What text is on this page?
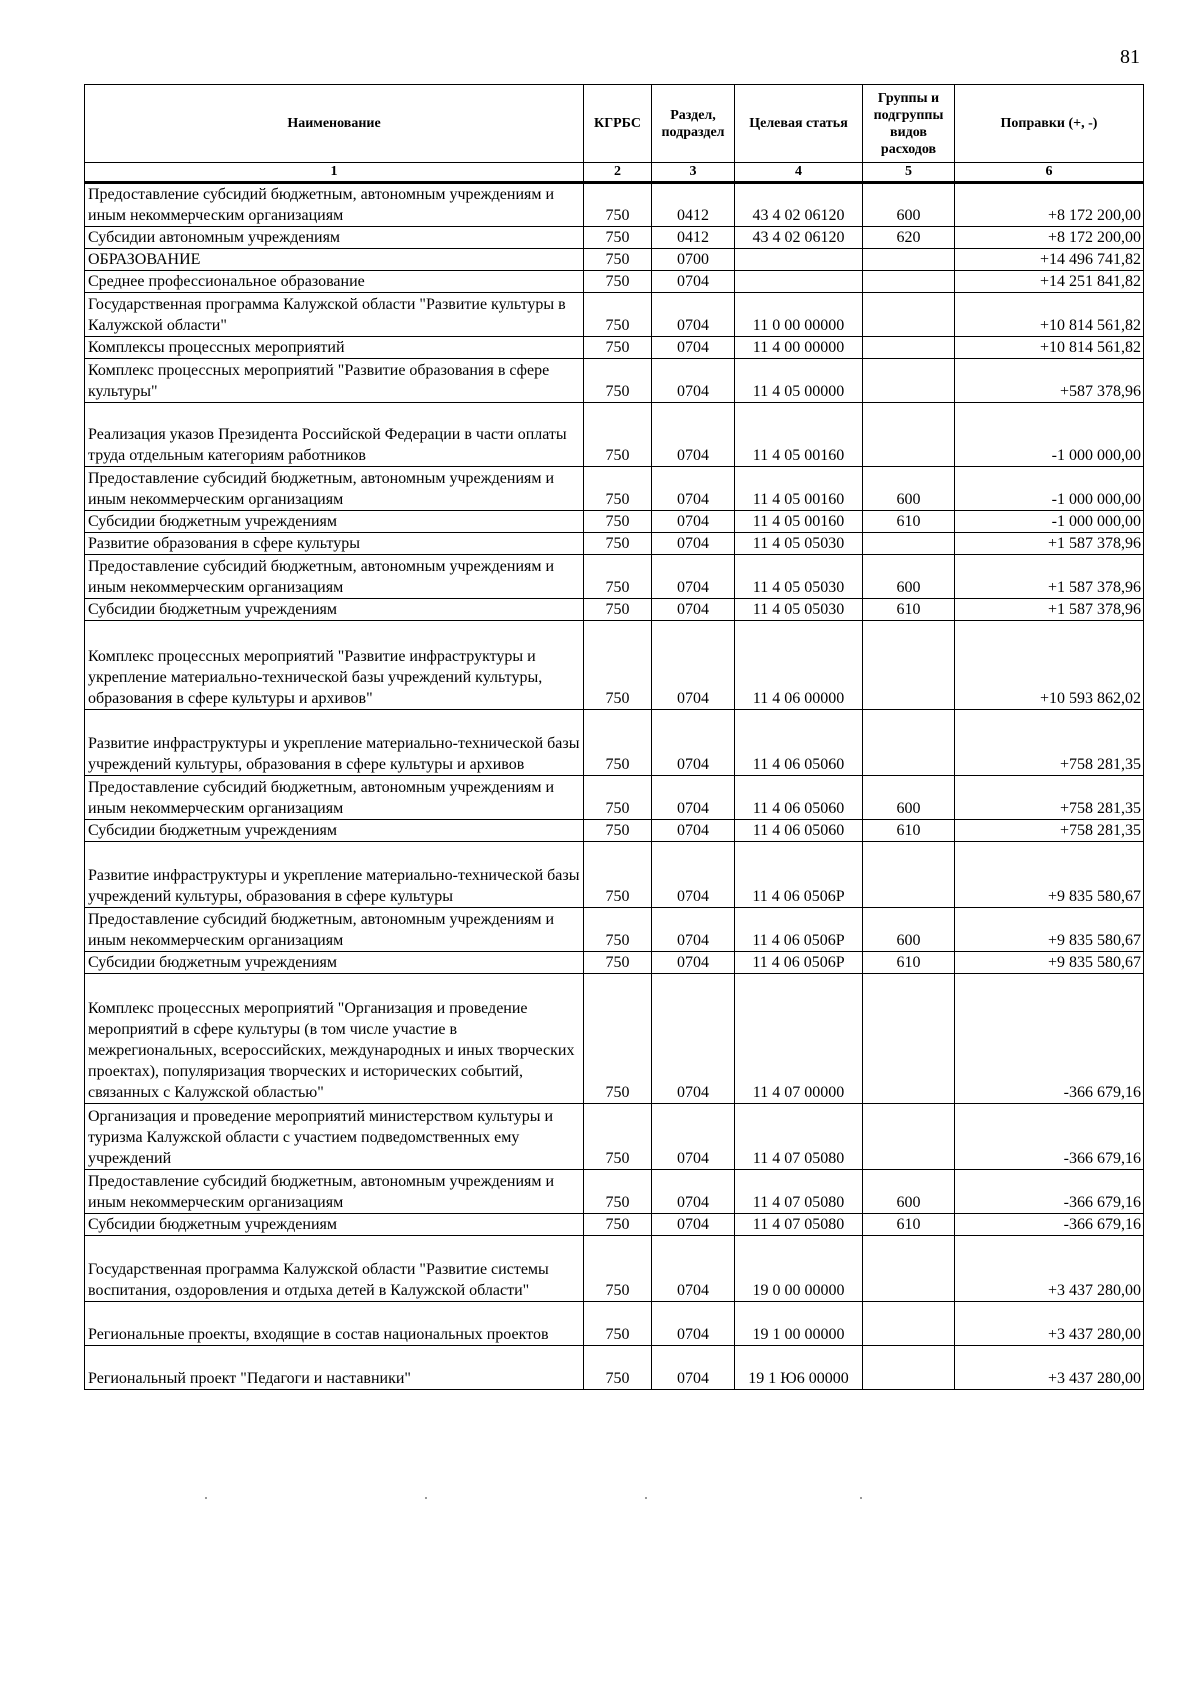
81
Наименование	КГРБС	Раздел, подраздел	Целевая статья	Группы и подгруппы видов расходов	Поправки (+, -)
1	2	3	4	5	6
Предоставление субсидий бюджетным, автономным учреждениям и иным некоммерческим организациям	750	0412	43 4 02 06120	600	+8 172 200,00
Субсидии автономным учреждениям	750	0412	43 4 02 06120	620	+8 172 200,00
ОБРАЗОВАНИЕ	750	0700			+14 496 741,82
Среднее профессиональное образование	750	0704			+14 251 841,82
Государственная программа Калужской области "Развитие культуры в Калужской области"	750	0704	11 0 00 00000		+10 814 561,82
Комплексы процессных мероприятий	750	0704	11 4 00 00000		+10 814 561,82
Комплекс процессных мероприятий "Развитие образования в сфере культуры"	750	0704	11 4 05 00000		+587 378,96
Реализация указов Президента Российской Федерации в части оплаты труда отдельным категориям работников	750	0704	11 4 05 00160		-1 000 000,00
Предоставление субсидий бюджетным, автономным учреждениям и иным некоммерческим организациям	750	0704	11 4 05 00160	600	-1 000 000,00
Субсидии бюджетным учреждениям	750	0704	11 4 05 00160	610	-1 000 000,00
Развитие образования в сфере культуры	750	0704	11 4 05 05030		+1 587 378,96
Предоставление субсидий бюджетным, автономным учреждениям и иным некоммерческим организациям	750	0704	11 4 05 05030	600	+1 587 378,96
Субсидии бюджетным учреждениям	750	0704	11 4 05 05030	610	+1 587 378,96
Комплекс процессных мероприятий "Развитие инфраструктуры и укрепление материально-технической базы учреждений культуры, образования в сфере культуры и архивов"	750	0704	11 4 06 00000		+10 593 862,02
Развитие инфраструктуры и укрепление материально-технической базы учреждений культуры, образования в сфере культуры и архивов	750	0704	11 4 06 05060		+758 281,35
Предоставление субсидий бюджетным, автономным учреждениям и иным некоммерческим организациям	750	0704	11 4 06 05060	600	+758 281,35
Субсидии бюджетным учреждениям	750	0704	11 4 06 05060	610	+758 281,35
Развитие инфраструктуры и укрепление материально-технической базы учреждений культуры, образования в сфере культуры	750	0704	11 4 06 0506Р		+9 835 580,67
Предоставление субсидий бюджетным, автономным учреждениям и иным некоммерческим организациям	750	0704	11 4 06 0506Р	600	+9 835 580,67
Субсидии бюджетным учреждениям	750	0704	11 4 06 0506Р	610	+9 835 580,67
Комплекс процессных мероприятий "Организация и проведение мероприятий в сфере культуры (в том числе участие в межрегиональных, всероссийских, международных и иных творческих проектах), популяризация творческих и исторических событий, связанных с Калужской областью"	750	0704	11 4 07 00000		-366 679,16
Организация и проведение мероприятий министерством культуры и туризма Калужской области с участием подведомственных ему учреждений	750	0704	11 4 07 05080		-366 679,16
Предоставление субсидий бюджетным, автономным учреждениям и иным некоммерческим организациям	750	0704	11 4 07 05080	600	-366 679,16
Субсидии бюджетным учреждениям	750	0704	11 4 07 05080	610	-366 679,16
Государственная программа Калужской области "Развитие системы воспитания, оздоровления и отдыха детей в Калужской области"	750	0704	19 0 00 00000		+3 437 280,00
Региональные проекты, входящие в состав национальных проектов	750	0704	19 1 00 00000		+3 437 280,00
Региональный проект "Педагоги и наставники"	750	0704	19 1 Ю6 00000		+3 437 280,00
